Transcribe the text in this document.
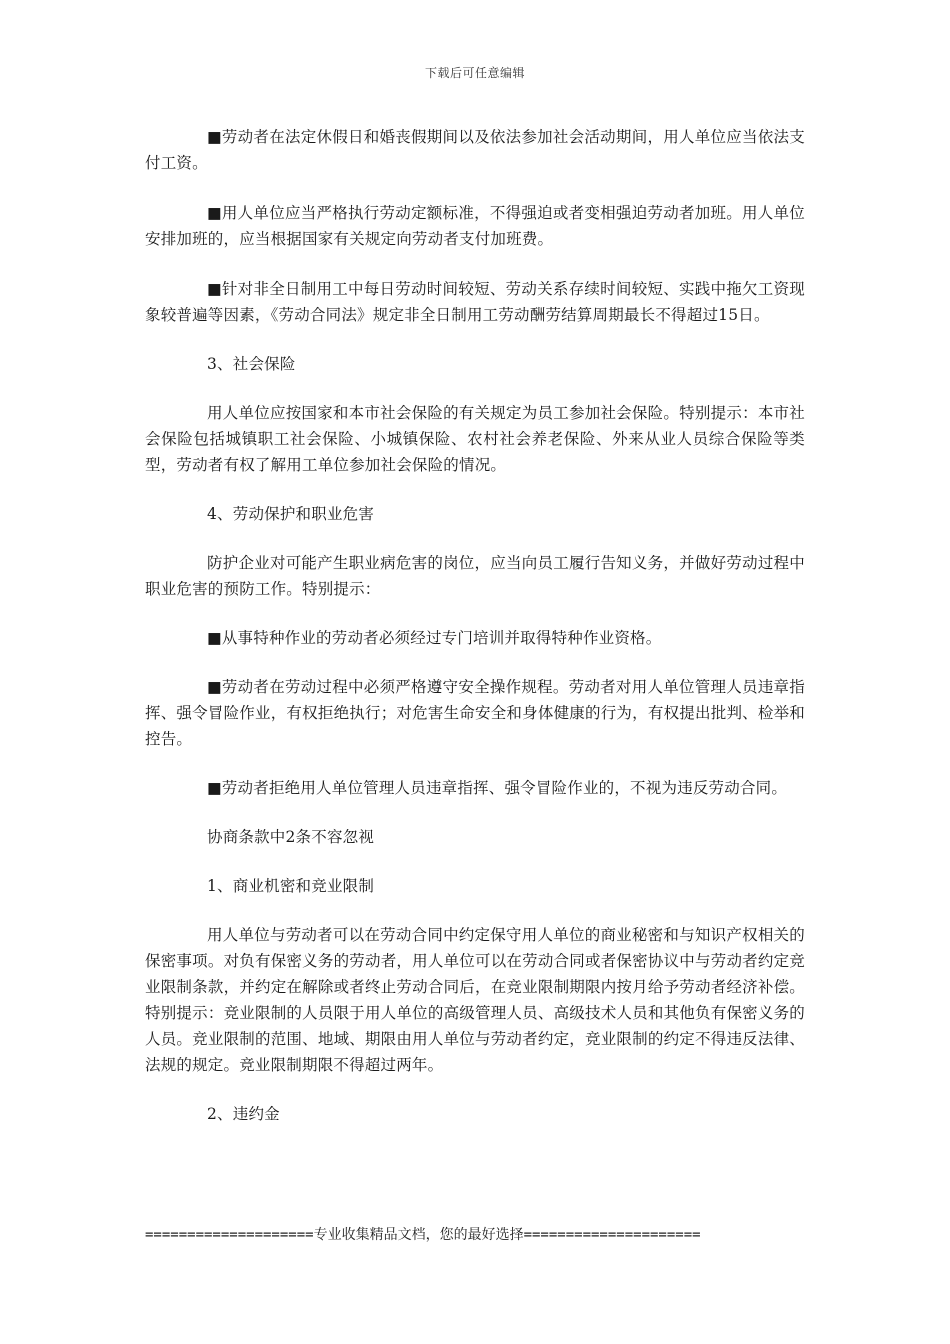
下载后可任意编辑

■劳动者在法定休假日和婚丧假期间以及依法参加社会活动期间，用人单位应当依法支付工资。

■用人单位应当严格执行劳动定额标准，不得强迫或者变相强迫劳动者加班。用人单位安排加班的，应当根据国家有关规定向劳动者支付加班费。

■针对非全日制用工中每日劳动时间较短、劳动关系存续时间较短、实践中拖欠工资现象较普遍等因素，《劳动合同法》规定非全日制用工劳动酬劳结算周期最长不得超过15日。

3、社会保险

用人单位应按国家和本市社会保险的有关规定为员工参加社会保险。特别提示：本市社会保险包括城镇职工社会保险、小城镇保险、农村社会养老保险、外来从业人员综合保险等类型，劳动者有权了解用工单位参加社会保险的情况。

4、劳动保护和职业危害

防护企业对可能产生职业病危害的岗位，应当向员工履行告知义务，并做好劳动过程中职业危害的预防工作。特别提示：

■从事特种作业的劳动者必须经过专门培训并取得特种作业资格。

■劳动者在劳动过程中必须严格遵守安全操作规程。劳动者对用人单位管理人员违章指挥、强令冒险作业，有权拒绝执行；对危害生命安全和身体健康的行为，有权提出批判、检举和控告。

■劳动者拒绝用人单位管理人员违章指挥、强令冒险作业的，不视为违反劳动合同。

协商条款中2条不容忽视

1、商业机密和竞业限制

用人单位与劳动者可以在劳动合同中约定保守用人单位的商业秘密和与知识产权相关的保密事项。对负有保密义务的劳动者，用人单位可以在劳动合同或者保密协议中与劳动者约定竞业限制条款，并约定在解除或者终止劳动合同后，在竞业限制期限内按月给予劳动者经济补偿。特别提示：竞业限制的人员限于用人单位的高级管理人员、高级技术人员和其他负有保密义务的人员。竞业限制的范围、地域、期限由用人单位与劳动者约定，竞业限制的约定不得违反法律、法规的规定。竞业限制期限不得超过两年。

2、违约金

====================专业收集精品文档，您的最好选择=====================
